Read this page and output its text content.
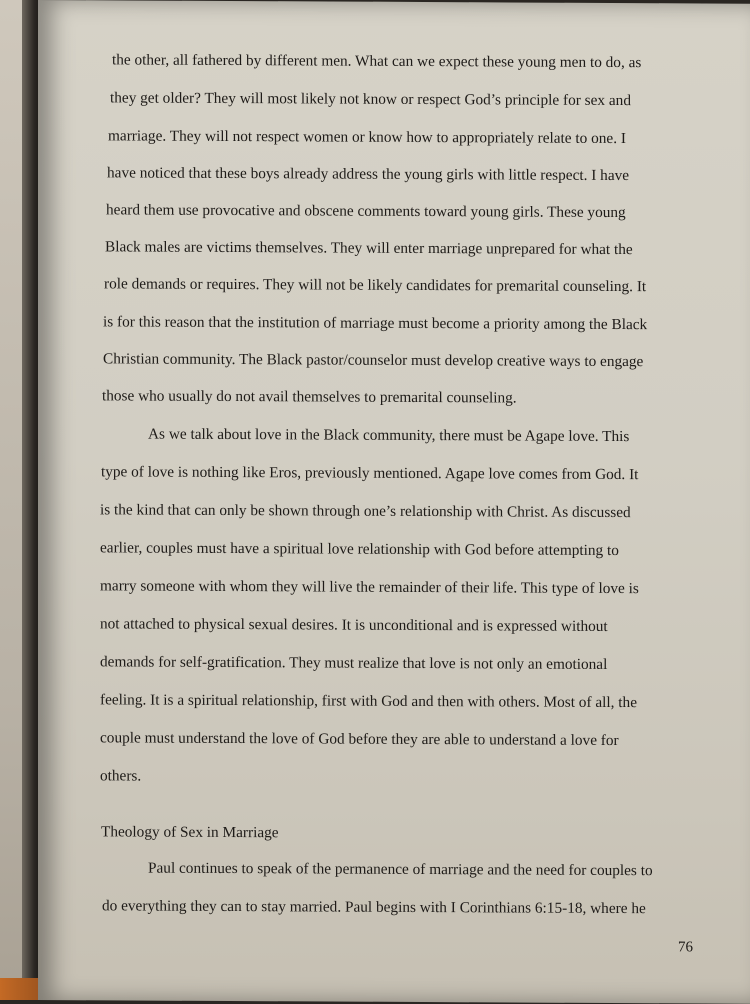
the other, all fathered by different men. What can we expect these young men to do, as
they get older? They will most likely not know or respect God’s principle for sex and
marriage. They will not respect women or know how to appropriately relate to one. I
have noticed that these boys already address the young girls with little respect. I have
heard them use provocative and obscene comments toward young girls. These young
Black males are victims themselves. They will enter marriage unprepared for what the
role demands or requires. They will not be likely candidates for premarital counseling. It
is for this reason that the institution of marriage must become a priority among the Black
Christian community. The Black pastor/counselor must develop creative ways to engage
those who usually do not avail themselves to premarital counseling.
As we talk about love in the Black community, there must be Agape love. This
type of love is nothing like Eros, previously mentioned. Agape love comes from God. It
is the kind that can only be shown through one’s relationship with Christ. As discussed
earlier, couples must have a spiritual love relationship with God before attempting to
marry someone with whom they will live the remainder of their life. This type of love is
not attached to physical sexual desires. It is unconditional and is expressed without
demands for self-gratification. They must realize that love is not only an emotional
feeling. It is a spiritual relationship, first with God and then with others. Most of all, the
couple must understand the love of God before they are able to understand a love for
others.
Theology of Sex in Marriage
Paul continues to speak of the permanence of marriage and the need for couples to
do everything they can to stay married. Paul begins with I Corinthians 6:15-18, where he
76
